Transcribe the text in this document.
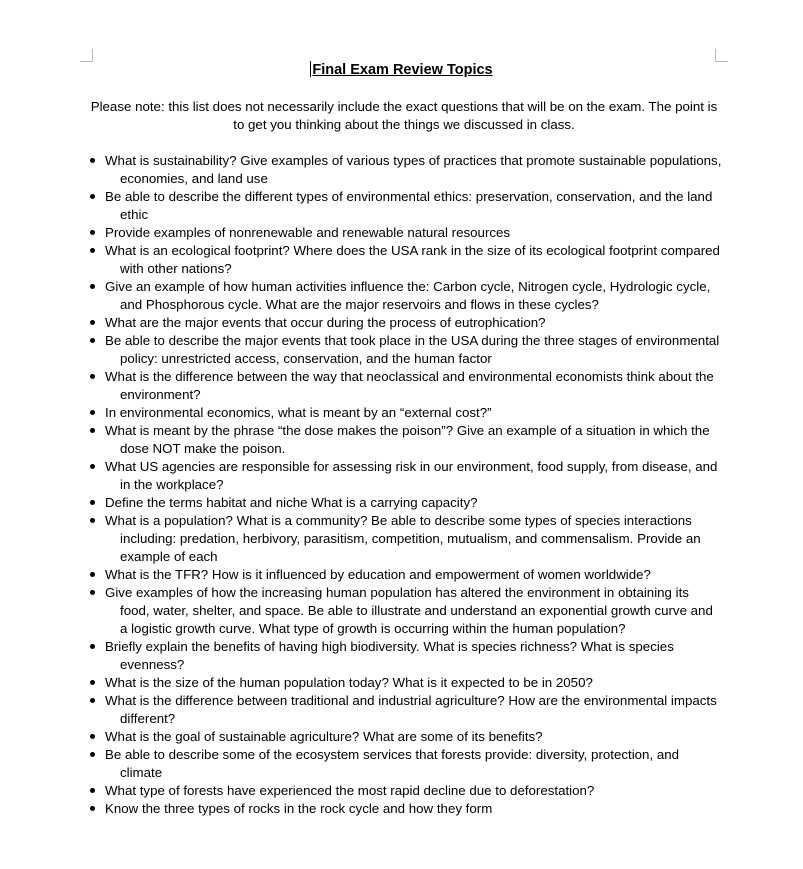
Final Exam Review Topics
Please note: this list does not necessarily include the exact questions that will be on the exam. The point is to get you thinking about the things we discussed in class.
What is sustainability? Give examples of various types of practices that promote sustainable populations, economies, and land use
Be able to describe the different types of environmental ethics: preservation, conservation, and the land ethic
Provide examples of nonrenewable and renewable natural resources
What is an ecological footprint? Where does the USA rank in the size of its ecological footprint compared with other nations?
Give an example of how human activities influence the: Carbon cycle, Nitrogen cycle, Hydrologic cycle, and Phosphorous cycle. What are the major reservoirs and flows in these cycles?
What are the major events that occur during the process of eutrophication?
Be able to describe the major events that took place in the USA during the three stages of environmental policy: unrestricted access, conservation, and the human factor
What is the difference between the way that neoclassical and environmental economists think about the environment?
In environmental economics, what is meant by an “external cost?”
What is meant by the phrase “the dose makes the poison”? Give an example of a situation in which the dose NOT make the poison.
What US agencies are responsible for assessing risk in our environment, food supply, from disease, and in the workplace?
Define the terms habitat and niche What is a carrying capacity?
What is a population? What is a community? Be able to describe some types of species interactions including: predation, herbivory, parasitism, competition, mutualism, and commensalism. Provide an example of each
What is the TFR? How is it influenced by education and empowerment of women worldwide?
Give examples of how the increasing human population has altered the environment in obtaining its food, water, shelter, and space. Be able to illustrate and understand an exponential growth curve and a logistic growth curve. What type of growth is occurring within the human population?
Briefly explain the benefits of having high biodiversity. What is species richness? What is species evenness?
What is the size of the human population today? What is it expected to be in 2050?
What is the difference between traditional and industrial agriculture? How are the environmental impacts different?
What is the goal of sustainable agriculture? What are some of its benefits?
Be able to describe some of the ecosystem services that forests provide: diversity, protection, and climate
What type of forests have experienced the most rapid decline due to deforestation?
Know the three types of rocks in the rock cycle and how they form
